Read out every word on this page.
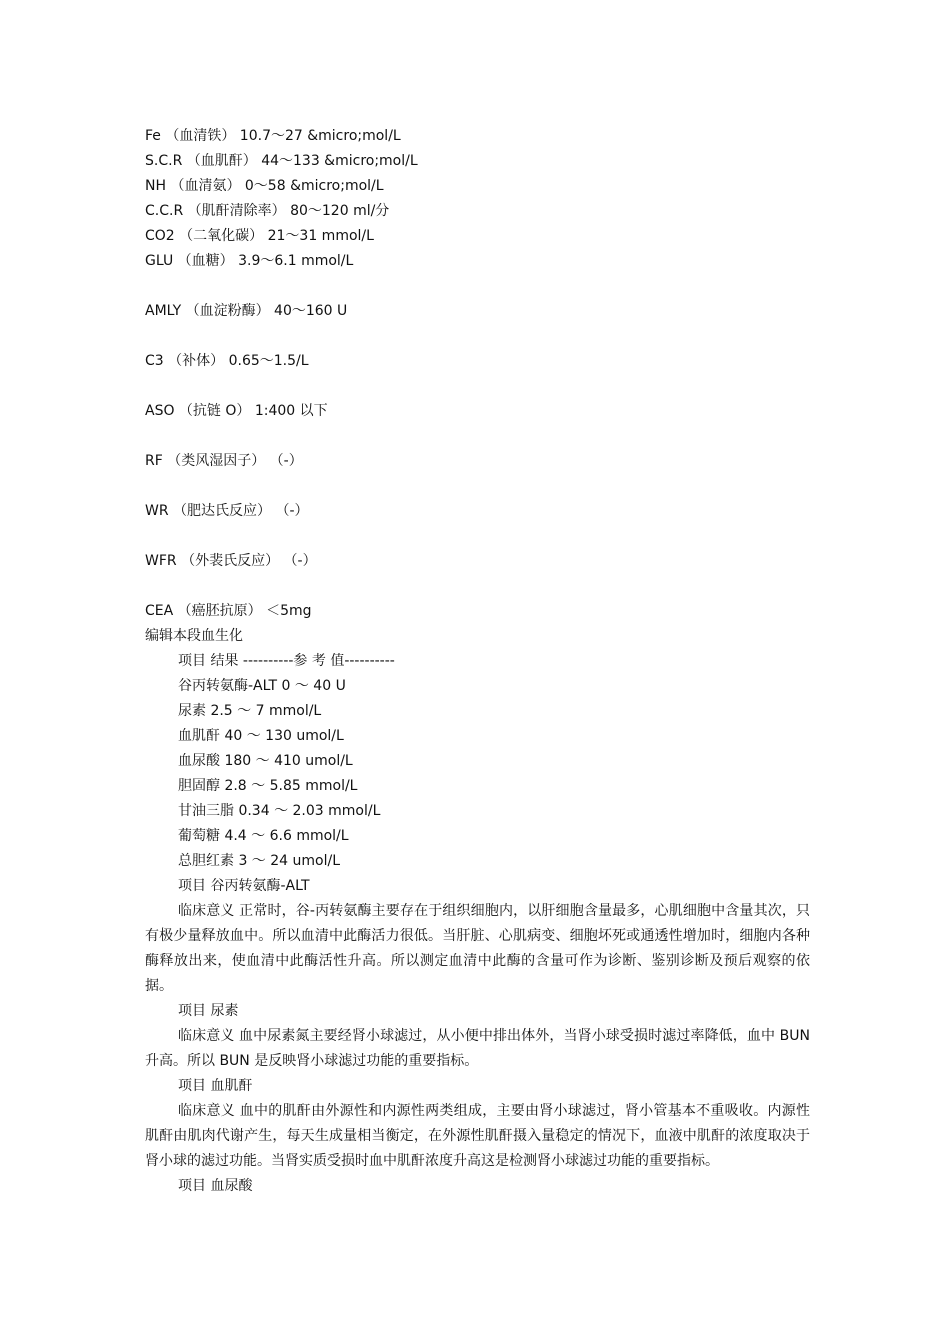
Fe （血清铁） 10.7～27 &micro;mol/L
S.C.R （血肌酐） 44～133 &micro;mol/L
NH （血清氨） 0～58 &micro;mol/L
C.C.R （肌酐清除率） 80～120 ml/分
CO2 （二氧化碳） 21～31 mmol/L
GLU （血糖） 3.9～6.1 mmol/L
AMLY （血淀粉酶） 40～160 U
C3 （补体） 0.65～1.5/L
ASO （抗链 O） 1:400 以下
RF （类风湿因子） （-）
WR （肥达氏反应） （-）
WFR （外裴氏反应） （-）
CEA （癌胚抗原） ＜5mg
编辑本段血生化
项目 结果 ----------参 考 值----------
谷丙转氨酶-ALT 0 ～ 40 U
尿素 2.5 ～ 7 mmol/L
血肌酐 40 ～ 130 umol/L
血尿酸 180 ～ 410 umol/L
胆固醇 2.8 ～ 5.85 mmol/L
甘油三脂 0.34 ～ 2.03 mmol/L
葡萄糖 4.4 ～ 6.6 mmol/L
总胆红素 3 ～ 24 umol/L
项目 谷丙转氨酶-ALT
临床意义 正常时，谷-丙转氨酶主要存在于组织细胞内，以肝细胞含量最多，心肌细胞中含量其次，只有极少量释放血中。所以血清中此酶活力很低。当肝脏、心肌病变、细胞坏死或通透性增加时，细胞内各种酶释放出来，使血清中此酶活性升高。所以测定血清中此酶的含量可作为诊断、鉴别诊断及预后观察的依据。
项目 尿素
临床意义 血中尿素氮主要经肾小球滤过，从小便中排出体外，当肾小球受损时滤过率降低，血中 BUN 升高。所以 BUN 是反映肾小球滤过功能的重要指标。
项目 血肌酐
临床意义 血中的肌酐由外源性和内源性两类组成，主要由肾小球滤过，肾小管基本不重吸收。内源性肌酐由肌肉代谢产生，每天生成量相当衡定，在外源性肌酐摄入量稳定的情况下，血液中肌酐的浓度取决于肾小球的滤过功能。当肾实质受损时血中肌酐浓度升高这是检测肾小球滤过功能的重要指标。
项目 血尿酸
